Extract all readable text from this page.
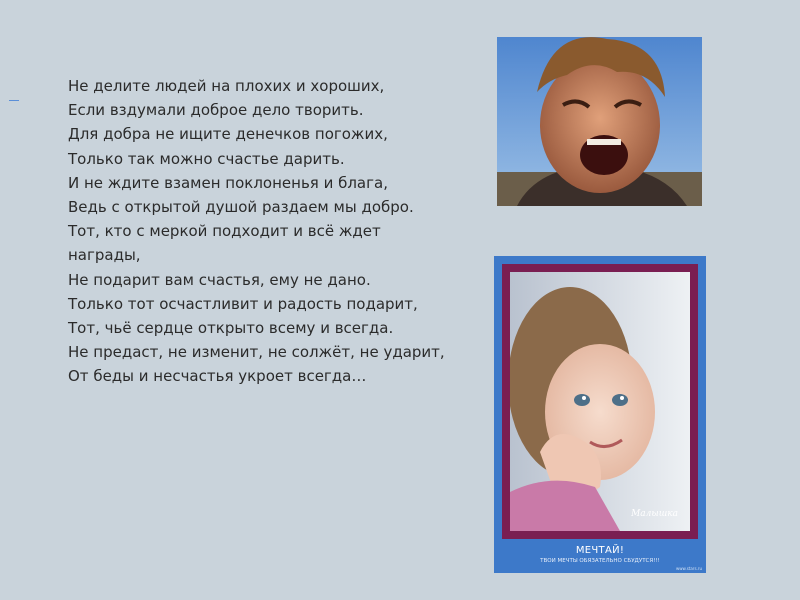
Не делите людей на плохих и хороших,
Если вздумали доброе дело творить.
Для добра не ищите денечков погожих,
Только так можно счастье дарить.
И не ждите взамен поклоненья и блага,
Ведь с открытой душой раздаем мы добро.
Тот, кто с меркой подходит и всё ждет награды,
Не подарит вам счастья, ему не дано.
Только тот осчастливит и радость подарит,
Тот, чьё сердце открыто всему и всегда.
Не предаст, не изменит, не солжёт, не ударит,
От беды и несчастья укроет всегда…
Малышка
МЕЧТАЙ!
ТВОИ МЕЧТЫ ОБЯЗАТЕЛЬНО СБУДУТСЯ!!!
www.stars.ru
